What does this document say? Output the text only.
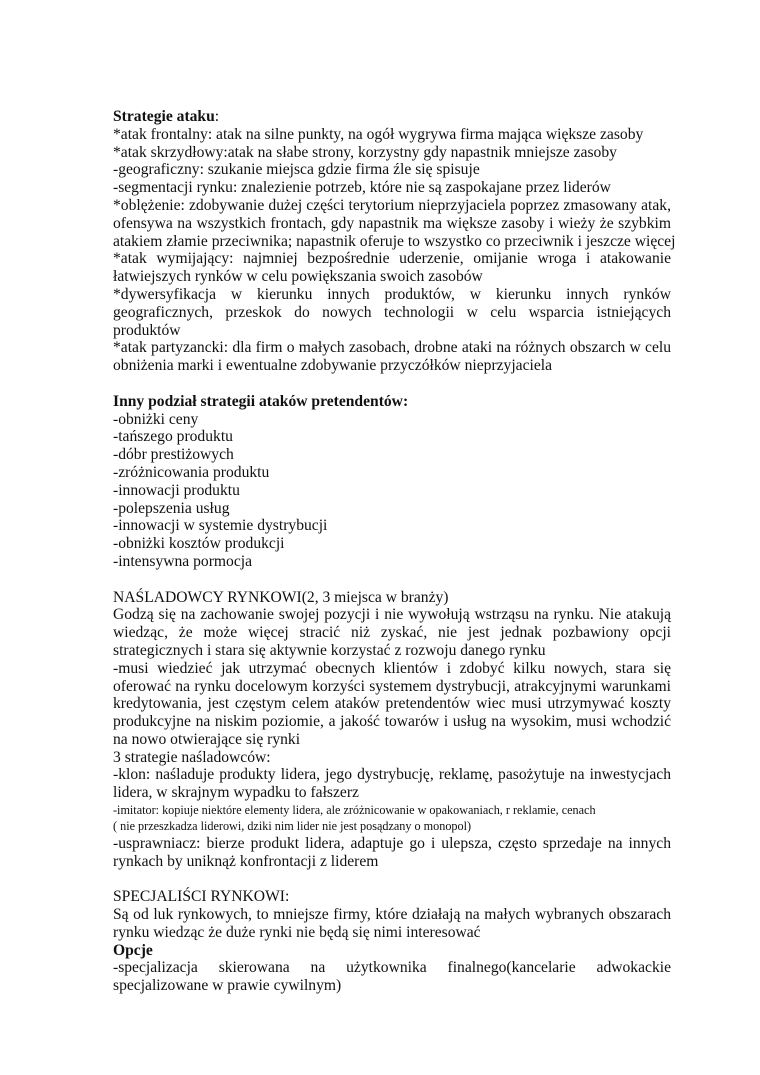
Strategie ataku:

*atak frontalny: atak na silne punkty, na ogół wygrywa firma mająca większe zasoby

*atak skrzydłowy:atak na słabe strony, korzystny gdy napastnik mniejsze zasoby

-geograficzny: szukanie miejsca gdzie firma źle się spisuje

-segmentacji rynku: znalezienie potrzeb, które nie są zaspokajane przez liderów

*oblężenie: zdobywanie dużej części terytorium nieprzyjaciela poprzez zmasowany atak,

ofensywa na wszystkich frontach, gdy napastnik ma większe zasoby i wieży że szybkim

atakiem złamie przeciwnika; napastnik oferuje to wszystko co przeciwnik i jeszcze więcej

*atak wymijający: najmniej bezpośrednie uderzenie, omijanie wroga i atakowanie

łatwiejszych rynków w celu powiększania swoich zasobów

*dywersyfikacja w kierunku innych produktów, w kierunku innych rynków

geograficznych, przeskok do nowych technologii w celu wsparcia istniejących produktów

*atak partyzancki: dla firm o małych zasobach, drobne ataki na różnych obszarch w celu

obniżenia marki i ewentualne zdobywanie przyczółków nieprzyjaciela

Inny podział strategii ataków pretendentów:

-obniżki ceny

-tańszego produktu

-dóbr prestiżowych

-zróżnicowania produktu

-innowacji produktu

-polepszenia usług

-innowacji w systemie dystrybucji

-obniżki kosztów produkcji

-intensywna pormocja

NAŚLADOWCY RYNKOWI(2, 3 miejsca w branży)

Godzą się na zachowanie swojej pozycji i nie wywołują wstrząsu na rynku. Nie atakują

wiedząc, że może więcej stracić niż zyskać, nie jest jednak pozbawiony opcji

strategicznych i stara się aktywnie korzystać z rozwoju danego rynku

-musi wiedzieć jak utrzymać obecnych klientów i zdobyć kilku nowych, stara się

oferować na rynku docelowym korzyści systemem dystrybucji, atrakcyjnymi warunkami

kredytowania, jest częstym celem ataków pretendentów wiec musi utrzymywać koszty

produkcyjne na niskim poziomie, a jakość towarów i usług na wysokim, musi wchodzić

na nowo otwierające się rynki

3 strategie naśladowców:

-klon: naśladuje produkty lidera, jego dystrybucję, reklamę, pasożytuje na inwestycjach

lidera, w skrajnym wypadku to fałszerz

-imitator: kopiuje niektóre elementy lidera, ale zróżnicowanie w opakowaniach, r reklamie, cenach

( nie przeszkadza liderowi, dziki nim lider nie jest posądzany o monopol)

-usprawniacz: bierze produkt lidera, adaptuje go i ulepsza, często sprzedaje na innych

rynkach by uniknąż konfrontacji z liderem

SPECJALIŚCI RYNKOWI:

Są od luk rynkowych, to mniejsze firmy, które działają na małych wybranych obszarach

rynku wiedząc że duże rynki nie będą się nimi interesować

Opcje

-specjalizacja skierowana na użytkownika finalnego(kancelarie adwokackie

specjalizowane w prawie cywilnym)
